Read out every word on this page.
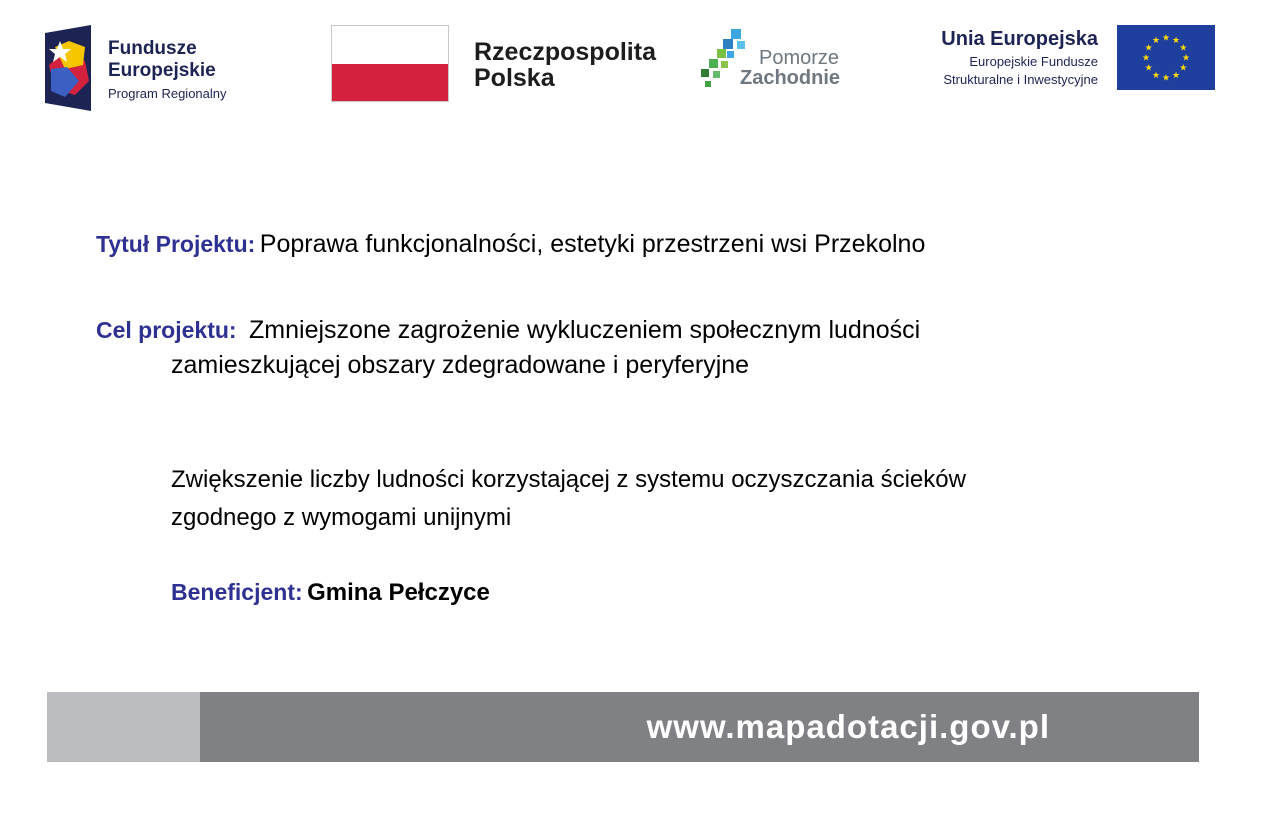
Fundusze
Europejskie
Program Regionalny
Rzeczpospolita
Polska
Pomorze
Zachodnie
Unia Europejska
Europejskie Fundusze
Strukturalne i Inwestycyjne
★ ★
★
★
★
★
★
★
★
★
★
★
Tytuł Projektu: Poprawa funkcjonalności, estetyki przestrzeni wsi Przekolno
Cel projektu: Zmniejszone zagrożenie wykluczeniem społecznym ludności
zamieszkującej obszary zdegradowane i peryferyjne
Zwiększenie liczby ludności korzystającej z systemu oczyszczania ścieków
zgodnego z wymogami unijnymi
Beneficjent: Gmina Pełczyce
www.mapadotacji.gov.pl
